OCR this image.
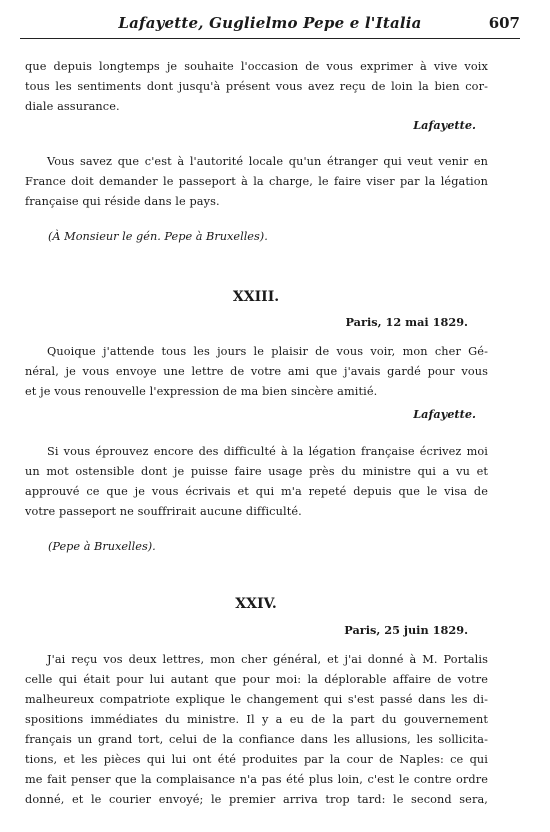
Lafayette, Guglielmo Pepe e l'Italia	607
que depuis longtemps je souhaite l'occasion de vous exprimer à vive voix
tous les sentiments dont jusqu'à présent vous avez reçu de loin la bien cor-
diale assurance.
Lafayette.
Vous savez que c'est à l'autorité locale qu'un étranger qui veut venir en
France doit demander le passeport à la charge, le faire viser par la légation
française qui réside dans le pays.
(À Monsieur le gén. Pepe à Bruxelles).
XXIII.
Paris, 12 mai 1829.
Quoique j'attende tous les jours le plaisir de vous voir, mon cher Gé-
néral, je vous envoye une lettre de votre ami que j'avais gardé pour vous
et je vous renouvelle l'expression de ma bien sincère amitié.
Lafayette.
Si vous éprouvez encore des difficulté à la légation française écrivez moi
un mot ostensible dont je puisse faire usage près du ministre qui a vu et
approuvé ce que je vous écrivais et qui m'a repeté depuis que le visa de
votre passeport ne souffrirait aucune difficulté.
(Pepe à Bruxelles).
XXIV.
Paris, 25 juin 1829.
J'ai reçu vos deux lettres, mon cher général, et j'ai donné à M. Portalis
celle qui était pour lui autant que pour moi: la déplorable affaire de votre
malheureux compatriote explique le changement qui s'est passé dans les di-
spositions immédiates du ministre. Il y a eu de la part du gouvernement
français un grand tort, celui de la confiance dans les allusions, les sollicita-
tions, et les pièces qui lui ont été produites par la cour de Naples: ce qui
me fait penser que la complaisance n'a pas été plus loin, c'est le contre ordre
donné, et le courier envoyé; le premier arriva trop tard: le second sera,
